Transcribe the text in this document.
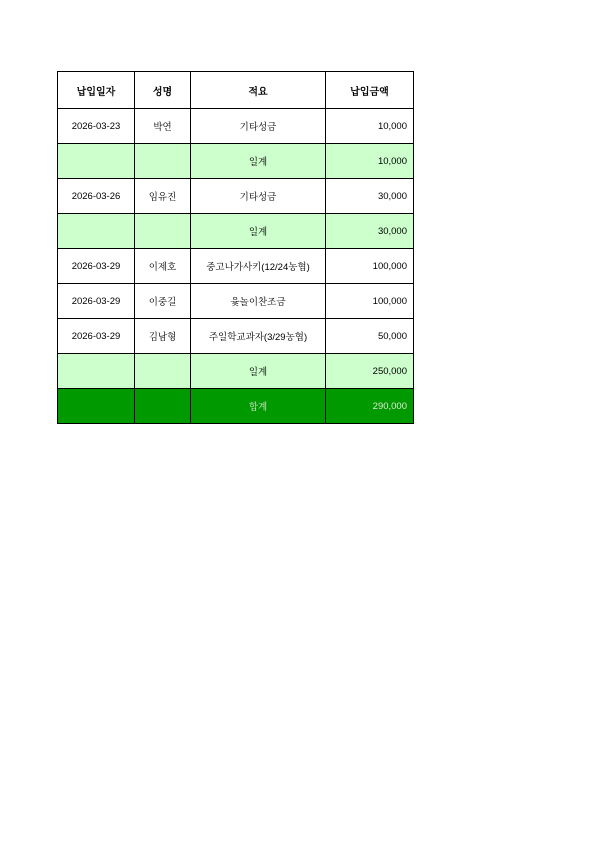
납입일자	성명	적요	납입금액
2026-03-23	박연	기타성금	10,000
		일계	10,000
2026-03-26	임유진	기타성금	30,000
		일계	30,000
2026-03-29	이제호	중고나가사키(12/24농협)	100,000
2026-03-29	이중길	윷놀이찬조금	100,000
2026-03-29	김남형	주일학교과자(3/29농협)	50,000
		일계	250,000
		합계	290,000
